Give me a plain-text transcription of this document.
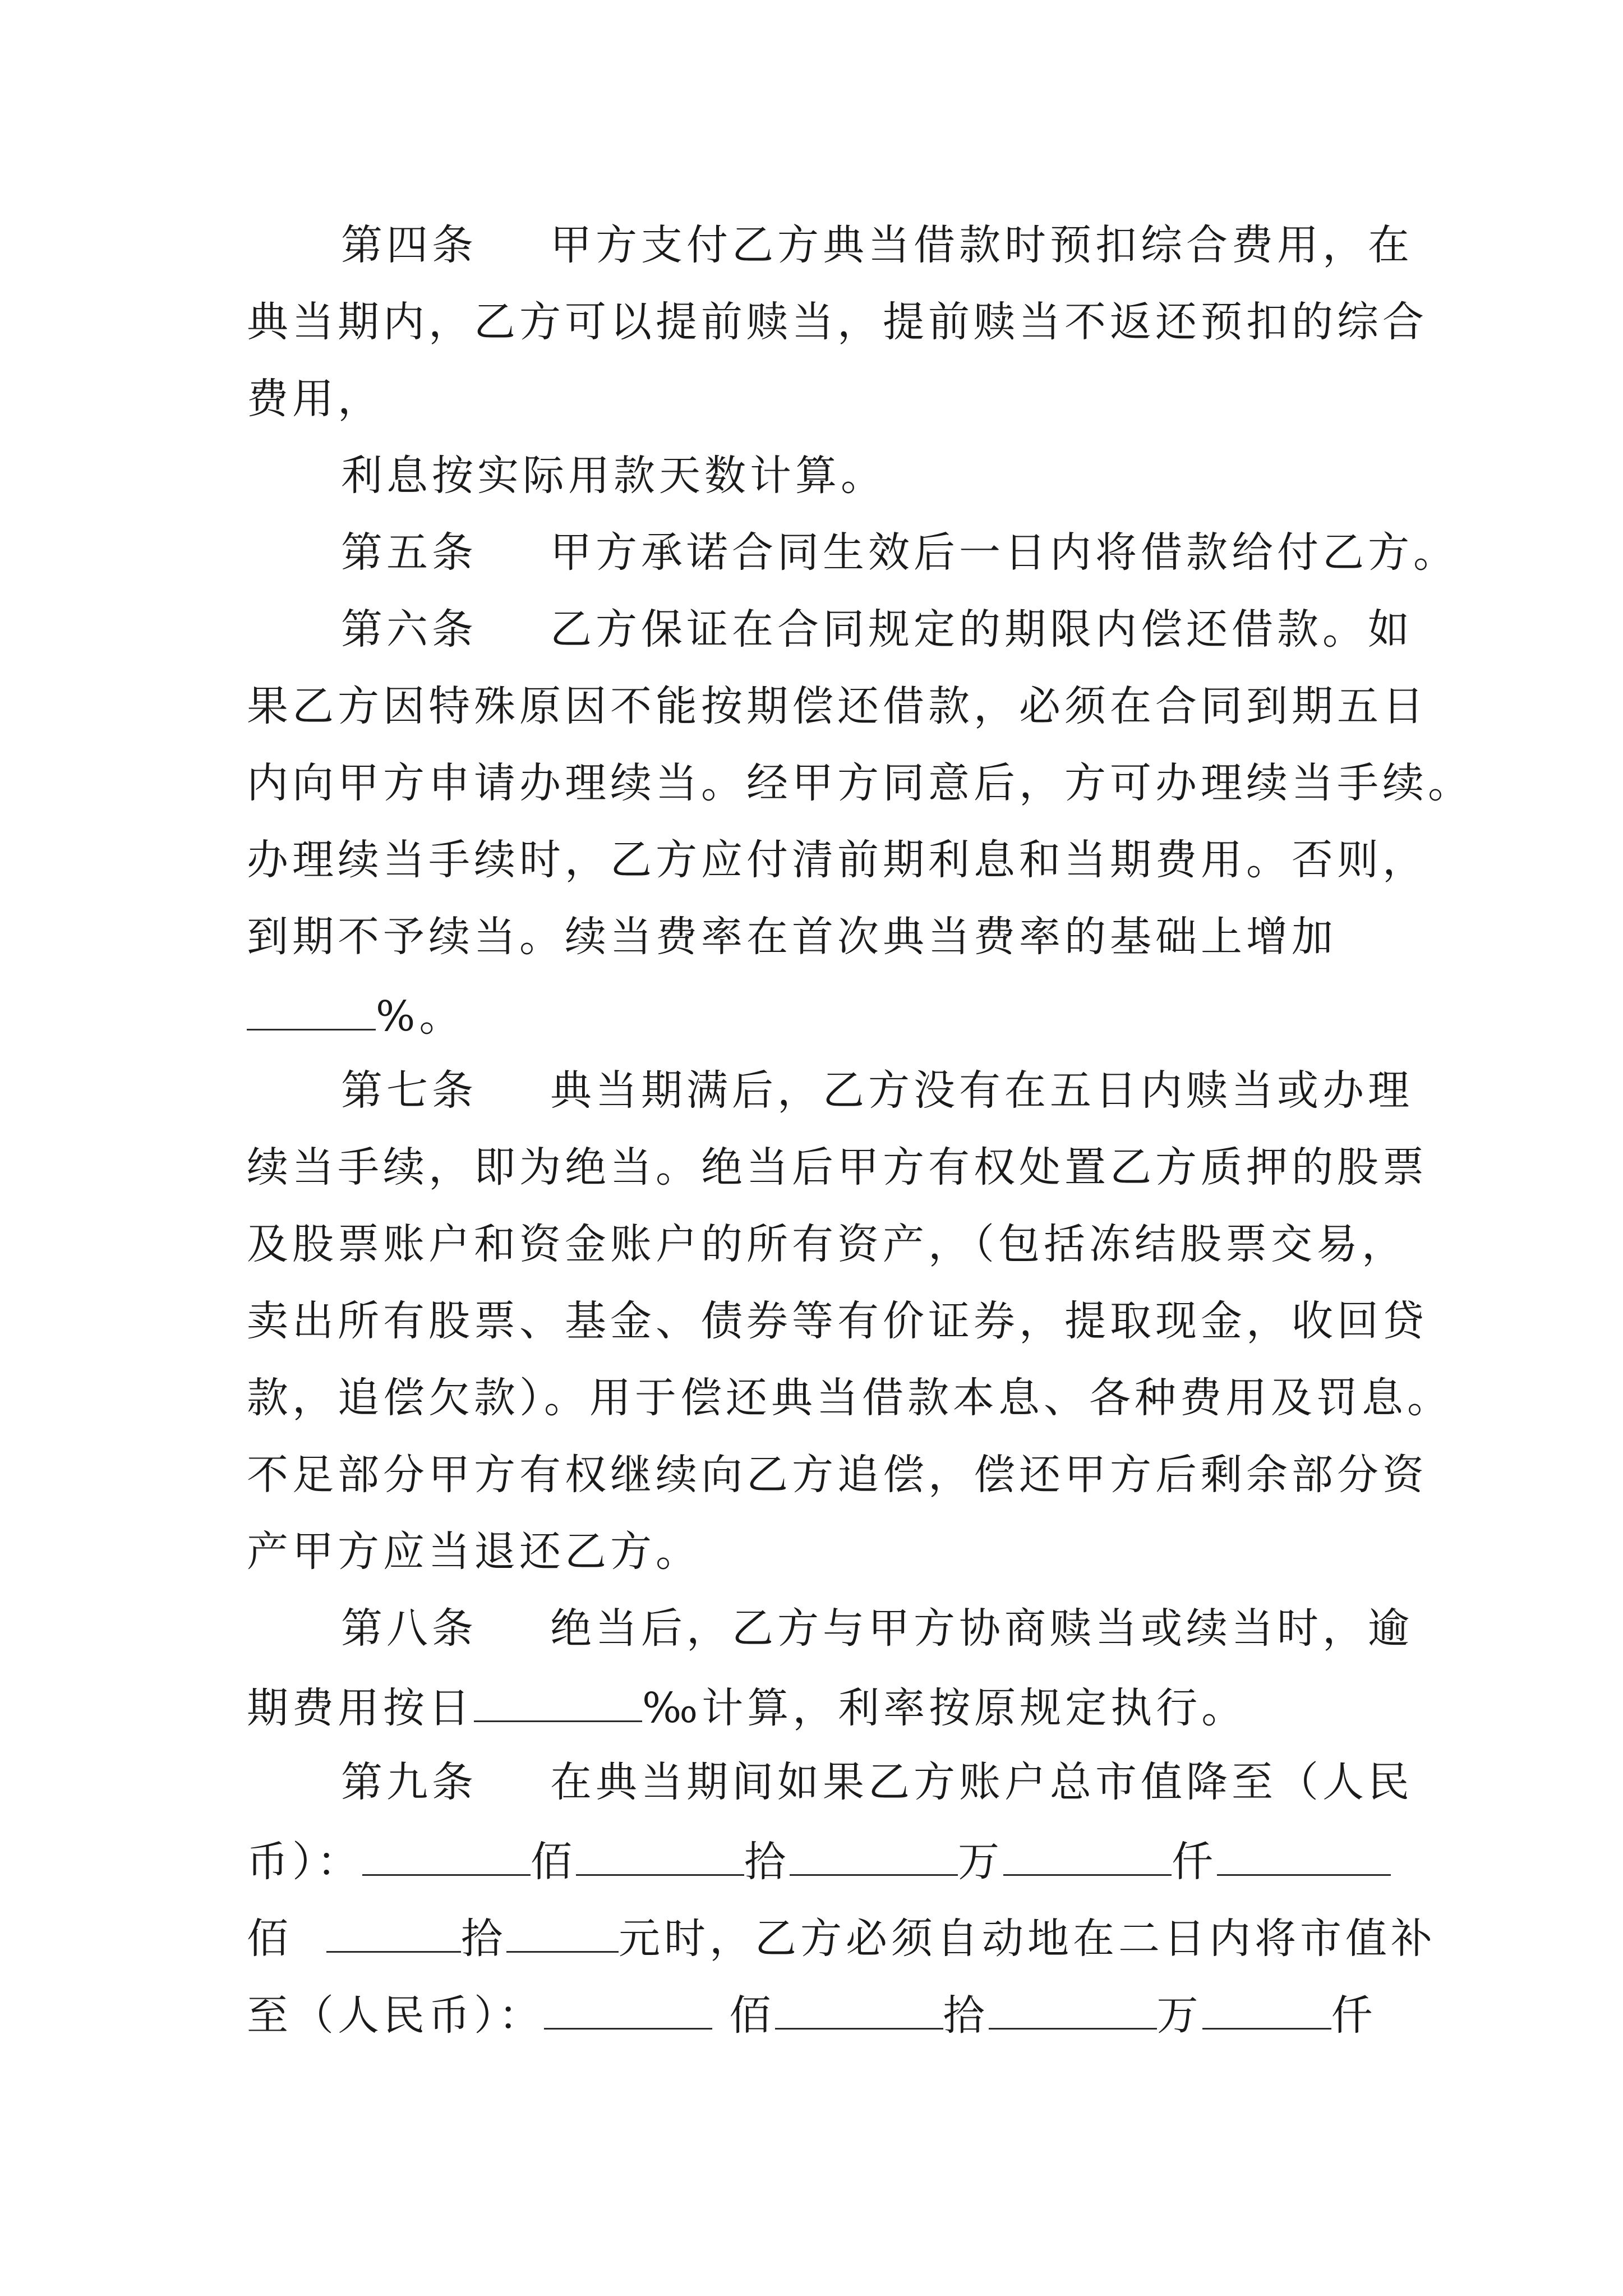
第四条 甲方支付乙方典当借款时预扣综合费用，在
典当期内，乙方可以提前赎当，提前赎当不返还预扣的综合
费用，
利息按实际用款天数计算。
第五条 甲方承诺合同生效后一日内将借款给付乙方。
第六条 乙方保证在合同规定的期限内偿还借款。如
果乙方因特殊原因不能按期偿还借款，必须在合同到期五日
内向甲方申请办理续当。经甲方同意后，方可办理续当手续。
办理续当手续时，乙方应付清前期利息和当期费用。否则，
到期不予续当。续当费率在首次典当费率的基础上增加
%。
第七条 典当期满后，乙方没有在五日内赎当或办理
续当手续，即为绝当。绝当后甲方有权处置乙方质押的股票
及股票账户和资金账户的所有资产，（包括冻结股票交易，
卖出所有股票、基金、债券等有价证券，提取现金，收回贷
款，追偿欠款）。用于偿还典当借款本息、各种费用及罚息。
不足部分甲方有权继续向乙方追偿，偿还甲方后剩余部分资
产甲方应当退还乙方。
第八条 绝当后，乙方与甲方协商赎当或续当时，逾
期费用按日	‰计算，利率按原规定执行。
第九条 在典当期间如果乙方账户总市值降至（人民
币）：	佰	拾	万	仟
佰	拾	元时，乙方必须自动地在二日内将市值补
至（人民币）：	佰	拾	万	仟
